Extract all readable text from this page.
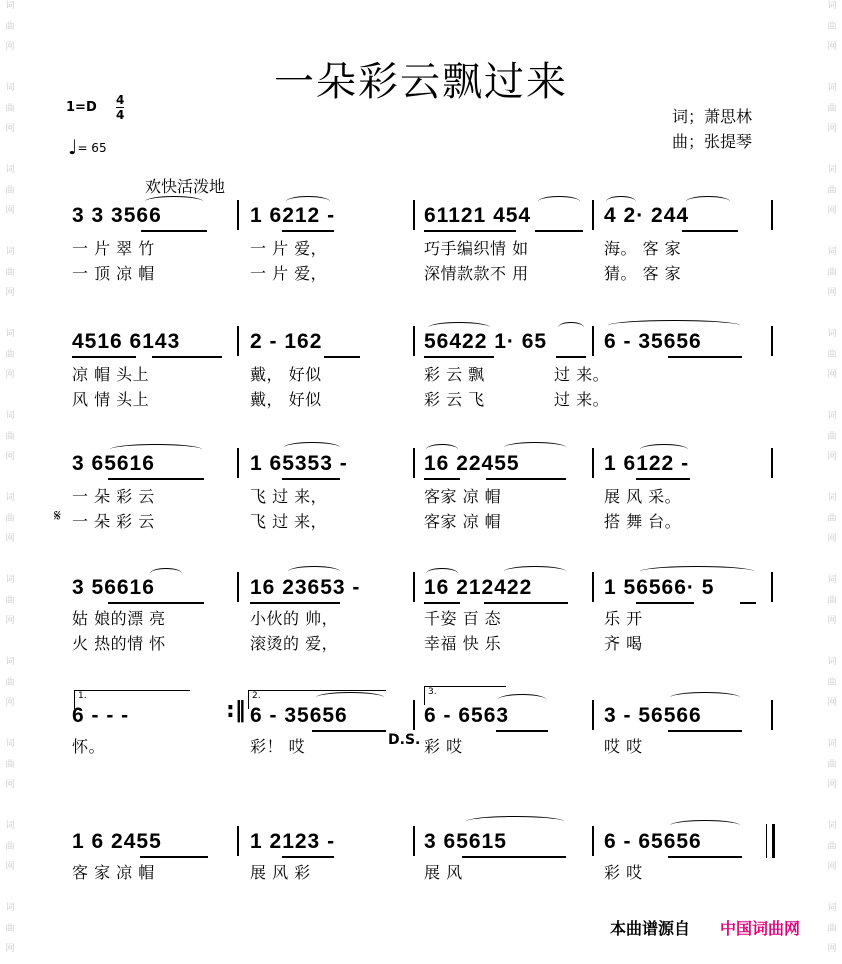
词
曲
网
词
曲
网
词
曲
网
词
曲
网
词
曲
网
词
曲
网
词
曲
网
词
曲
网
词
曲
网
词
曲
网
词
曲
网
词
曲
网
词
曲
网
词
曲
网
词
曲
网
词
曲
网
词
曲
网
词
曲
网
词
曲
网
词
曲
网
词
曲
网
词
曲
网
词
曲
网
词
曲
网
一朵彩云飘过来
1=D 4
4
♩= 65
词；萧思林
曲；张提琴
欢快活泼地
3 3 3566	1 6212 -	61121 454	4 2· 244
一 片 翠 竹	一 片 爱，	巧手编织情 如	海。 客 家
一 顶 凉 帽	一 片 爱，	深情款款不 用	猜。 客 家
4516 6143	2 - 162	56422 1· 65	6 - 35656
凉 帽 头上	戴， 好似	彩 云 飘	过 来。
风 情 头上	戴， 好似	彩 云 飞	过 来。
3 65616	1 65353 -	16 22455	1 6122 -
一 朵 彩 云	飞 过 来，	客家 凉 帽	展 风 采。
𝄋 一 朵 彩 云	飞 过 来，	客家 凉 帽	搭 舞 台。
3 56616	16 23653 -	16 212422	1 56566· 5
姑 娘的漂 亮	小伙的 帅，	千姿 百 态	乐 开
火 热的情 怀	滚烫的 爱，	幸福 快 乐	齐 喝
1.	2.	3.
6 - - -	:‖ 6 - 35656	6 - 6563	3 - 56566
怀。	彩！ 哎	D.S. 彩 哎	哎 哎
1 6 2455	1 2123 -	3 65615	6 - 65656
客 家 凉 帽	展 风 彩	展 风	彩 哎
本曲谱源自 中国词曲网
